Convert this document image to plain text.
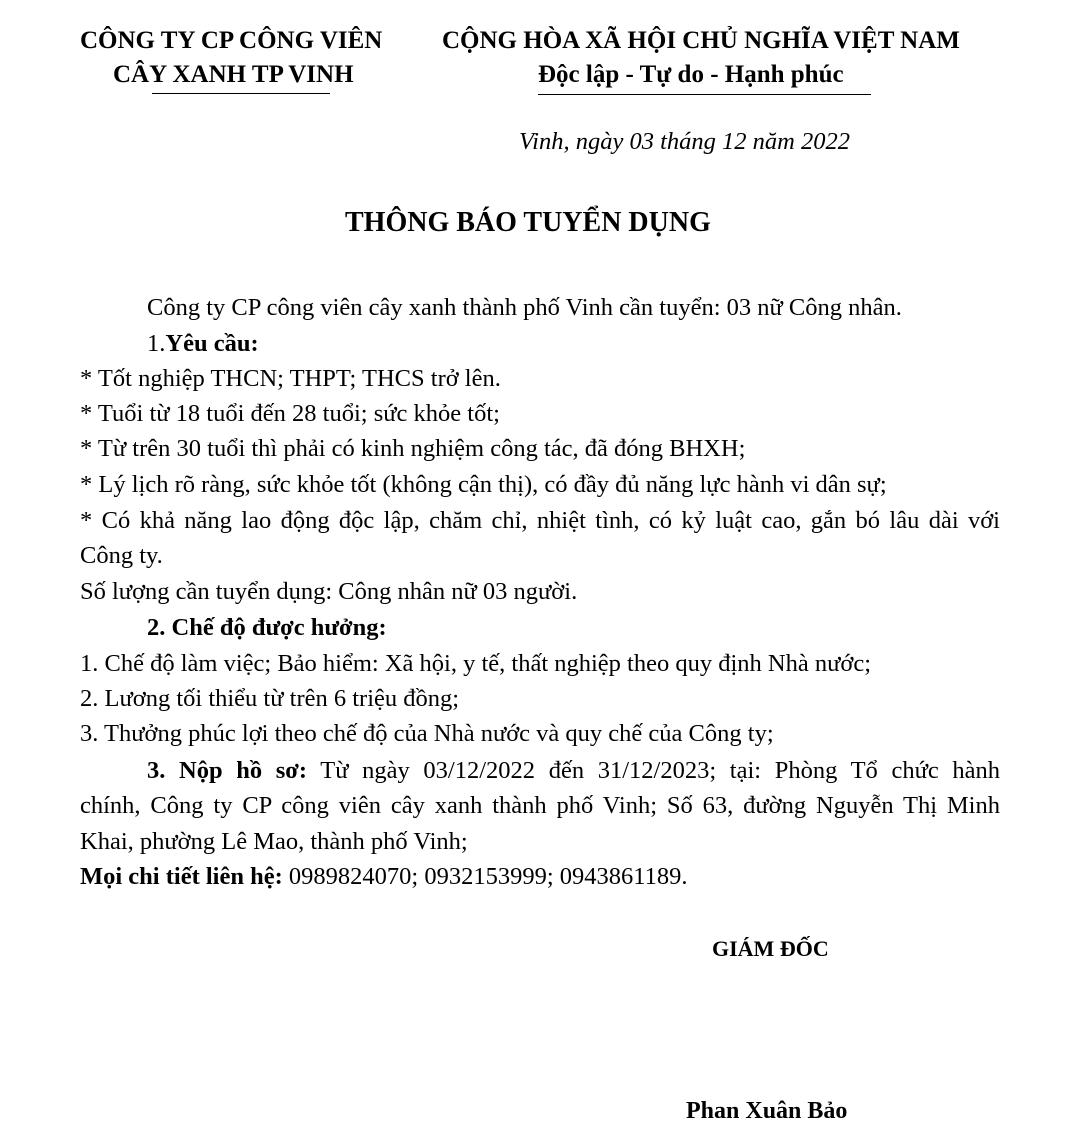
CÔNG TY CP CÔNG VIÊN
CÂY XANH TP VINH
CỘNG HÒA XÃ HỘI CHỦ NGHĨA VIỆT NAM
Độc lập - Tự do - Hạnh phúc
Vinh, ngày 03 tháng 12 năm 2022
THÔNG BÁO TUYỂN DỤNG
Công ty CP công viên cây xanh thành phố Vinh cần tuyển: 03 nữ Công nhân.
1.Yêu cầu:
* Tốt nghiệp THCN; THPT; THCS trở lên.
* Tuổi từ 18 tuổi đến 28 tuổi; sức khỏe tốt;
* Từ trên 30 tuổi thì phải có kinh nghiệm công tác, đã đóng BHXH;
* Lý lịch rõ ràng, sức khỏe tốt (không cận thị), có đầy đủ năng lực hành vi dân sự;
* Có khả năng lao động độc lập, chăm chỉ, nhiệt tình, có kỷ luật cao, gắn bó lâu dài với
Công ty.
Số lượng cần tuyển dụng: Công nhân nữ 03 người.
2. Chế độ được hưởng:
1. Chế độ làm việc; Bảo hiểm: Xã hội, y tế, thất nghiệp theo quy định Nhà nước;
2. Lương tối thiểu từ trên 6 triệu đồng;
3. Thưởng phúc lợi theo chế độ của Nhà nước và quy chế của Công ty;
3. Nộp hồ sơ: Từ ngày 03/12/2022 đến 31/12/2023; tại: Phòng Tổ chức hành
chính, Công ty CP công viên cây xanh thành phố Vinh; Số 63, đường Nguyễn Thị Minh
Khai, phường Lê Mao, thành phố Vinh;
Mọi chi tiết liên hệ: 0989824070; 0932153999; 0943861189.
GIÁM ĐỐC
Phan Xuân Bảo
